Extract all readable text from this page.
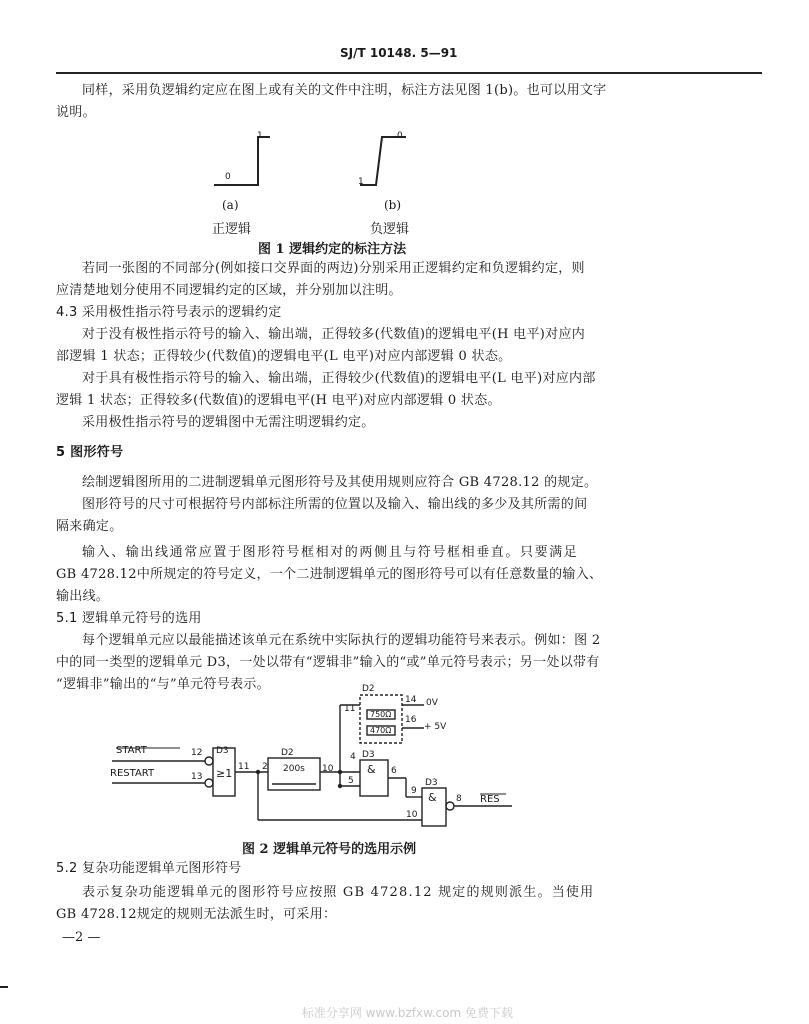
SJ/T 10148. 5—91
同样，采用负逻辑约定应在图上或有关的文件中注明，标注方法见图 1(b)。也可以用文字
说明。
0
1
1
0
(a)	(b)
正逻辑	负逻辑
图 1 逻辑约定的标注方法
若同一张图的不同部分(例如接口交界面的两边)分别采用正逻辑约定和负逻辑约定，则
应清楚地划分使用不同逻辑约定的区域，并分别加以注明。
4.3 采用极性指示符号表示的逻辑约定
对于没有极性指示符号的输入、输出端，正得较多(代数值)的逻辑电平(H 电平)对应内
部逻辑 1 状态；正得较少(代数值)的逻辑电平(L 电平)对应内部逻辑 0 状态。
对于具有极性指示符号的输入、输出端，正得较少(代数值)的逻辑电平(L 电平)对应内部
逻辑 1 状态；正得较多(代数值)的逻辑电平(H 电平)对应内部逻辑 0 状态。
采用极性指示符号的逻辑图中无需注明逻辑约定。
5 图形符号
绘制逻辑图所用的二进制逻辑单元图形符号及其使用规则应符合 GB 4728.12 的规定。
图形符号的尺寸可根据符号内部标注所需的位置以及输入、输出线的多少及其所需的间
隔来确定。
输入、输出线通常应置于图形符号框相对的两侧且与符号框相垂直。只要满足
GB 4728.12中所规定的符号定义，一个二进制逻辑单元的图形符号可以有任意数量的输入、
输出线。
5.1 逻辑单元符号的选用
每个逻辑单元应以最能描述该单元在系统中实际执行的逻辑功能符号来表示。例如：图 2
中的同一类型的逻辑单元 D3，一处以带有“逻辑非”输入的“或”单元符号表示；另一处以带有
“逻辑非”输出的“与”单元符号表示。
START
RESTART
D3
≥1
12
13
11 2
D2
200s 10
D2
11
14
16
750Ω
470Ω
0V
+ 5V
4
5
D3
& 6
9
10
D3
& 8 RES
图 2 逻辑单元符号的选用示例
5.2 复杂功能逻辑单元图形符号
表示复杂功能逻辑单元的图形符号应按照 GB 4728.12 规定的规则派生。当使用
GB 4728.12规定的规则无法派生时，可采用：
—2 —
标准分享网 www.bzfxw.com 免费下载
